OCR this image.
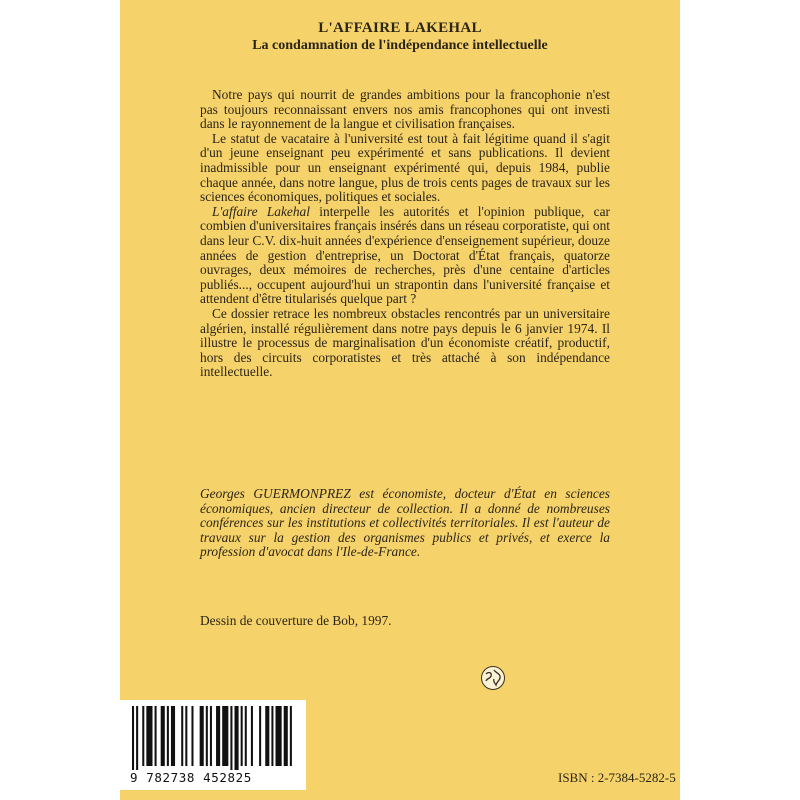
L'AFFAIRE LAKEHAL
La condamnation de l'indépendance intellectuelle

Notre pays qui nourrit de grandes ambitions pour la francophonie n'est pas toujours reconnaissant envers nos amis francophones qui ont investi dans le rayonnement de la langue et civilisation françaises.

Le statut de vacataire à l'université est tout à fait légitime quand il s'agit d'un jeune enseignant peu expérimenté et sans publications. Il devient inadmissible pour un enseignant expérimenté qui, depuis 1984, publie chaque année, dans notre langue, plus de trois cents pages de travaux sur les sciences économiques, politiques et sociales.

L'affaire Lakehal interpelle les autorités et l'opinion publique, car combien d'universitaires français insérés dans un réseau corporatiste, qui ont dans leur C.V. dix-huit années d'expérience d'enseignement supérieur, douze années de gestion d'entreprise, un Doctorat d'État français, quatorze ouvrages, deux mémoires de recherches, près d'une centaine d'articles publiés..., occupent aujourd'hui un strapontin dans l'université française et attendent d'être titularisés quelque part ?

Ce dossier retrace les nombreux obstacles rencontrés par un universitaire algérien, installé régulièrement dans notre pays depuis le 6 janvier 1974. Il illustre le processus de marginalisation d'un économiste créatif, productif, hors des circuits corporatistes et très attaché à son indépendance intellectuelle.

Georges GUERMONPREZ est économiste, docteur d'État en sciences économiques, ancien directeur de collection. Il a donné de nombreuses conférences sur les institutions et collectivités territoriales. Il est l'auteur de travaux sur la gestion des organismes publics et privés, et exerce la profession d'avocat dans l'Ile-de-France.

Dessin de couverture de Bob, 1997.

ISBN : 2-7384-5282-5

9 782738 452825
